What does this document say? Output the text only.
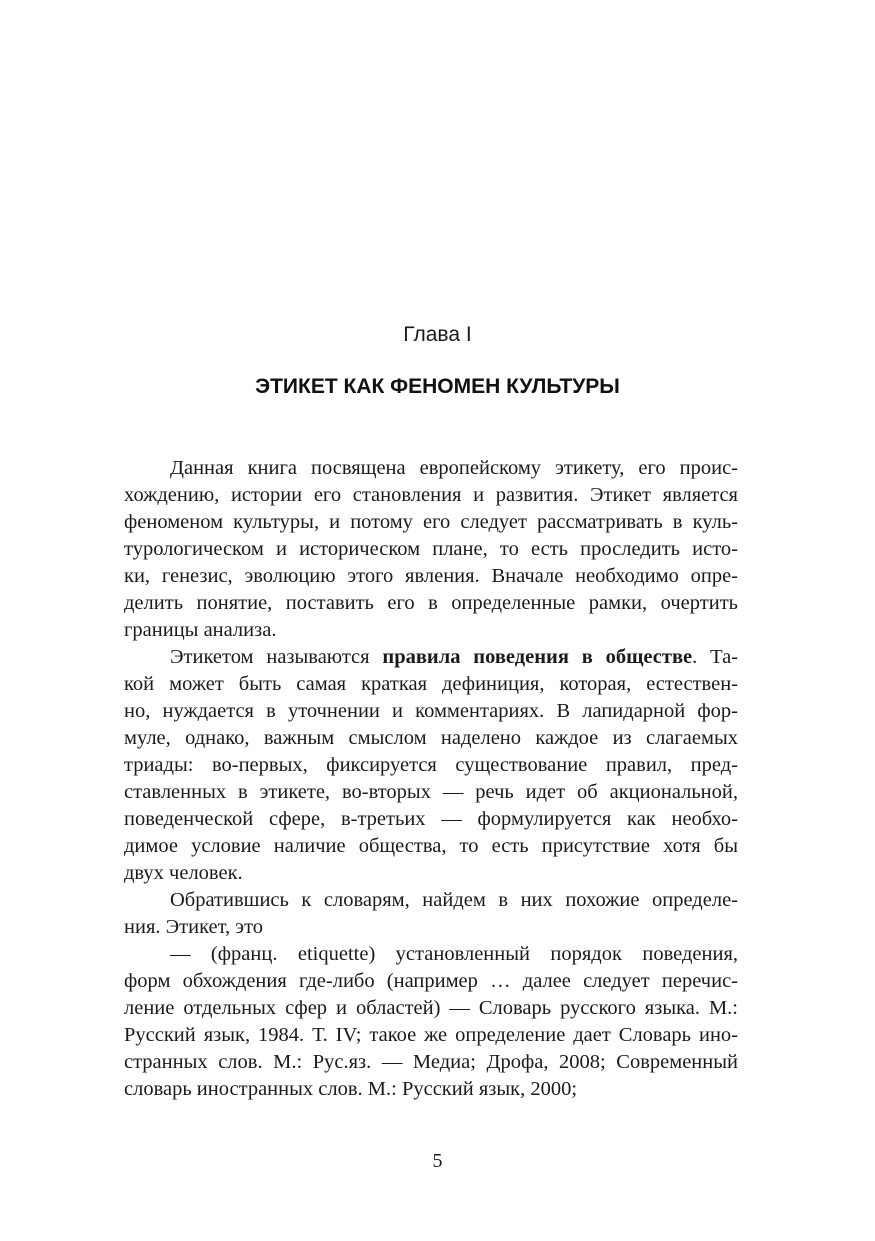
Глава I
ЭТИКЕТ КАК ФЕНОМЕН КУЛЬТУРЫ
Данная книга посвящена европейскому этикету, его проис-
хождению, истории его становления и развития. Этикет является
феноменом культуры, и потому его следует рассматривать в куль-
турологическом и историческом плане, то есть проследить исто-
ки, генезис, эволюцию этого явления. Вначале необходимо опре-
делить понятие, поставить его в определенные рамки, очертить
границы анализа.
Этикетом называются правила поведения в обществе. Та-
кой может быть самая краткая дефиниция, которая, естествен-
но, нуждается в уточнении и комментариях. В лапидарной фор-
муле, однако, важным смыслом наделено каждое из слагаемых
триады: во-первых, фиксируется существование правил, пред-
ставленных в этикете, во-вторых — речь идет об акциональной,
поведенческой сфере, в-третьих — формулируется как необхо-
димое условие наличие общества, то есть присутствие хотя бы
двух человек.
Обратившись к словарям, найдем в них похожие определе-
ния. Этикет, это
— (франц. etiquette) установленный порядок поведения,
форм обхождения где-либо (например … далее следует перечис-
ление отдельных сфер и областей) — Словарь русского языка. М.:
Русский язык, 1984. Т. IV; такое же определение дает Словарь ино-
странных слов. М.: Рус.яз. — Медиа; Дрофа, 2008; Современный
словарь иностранных слов. М.: Русский язык, 2000;
5
